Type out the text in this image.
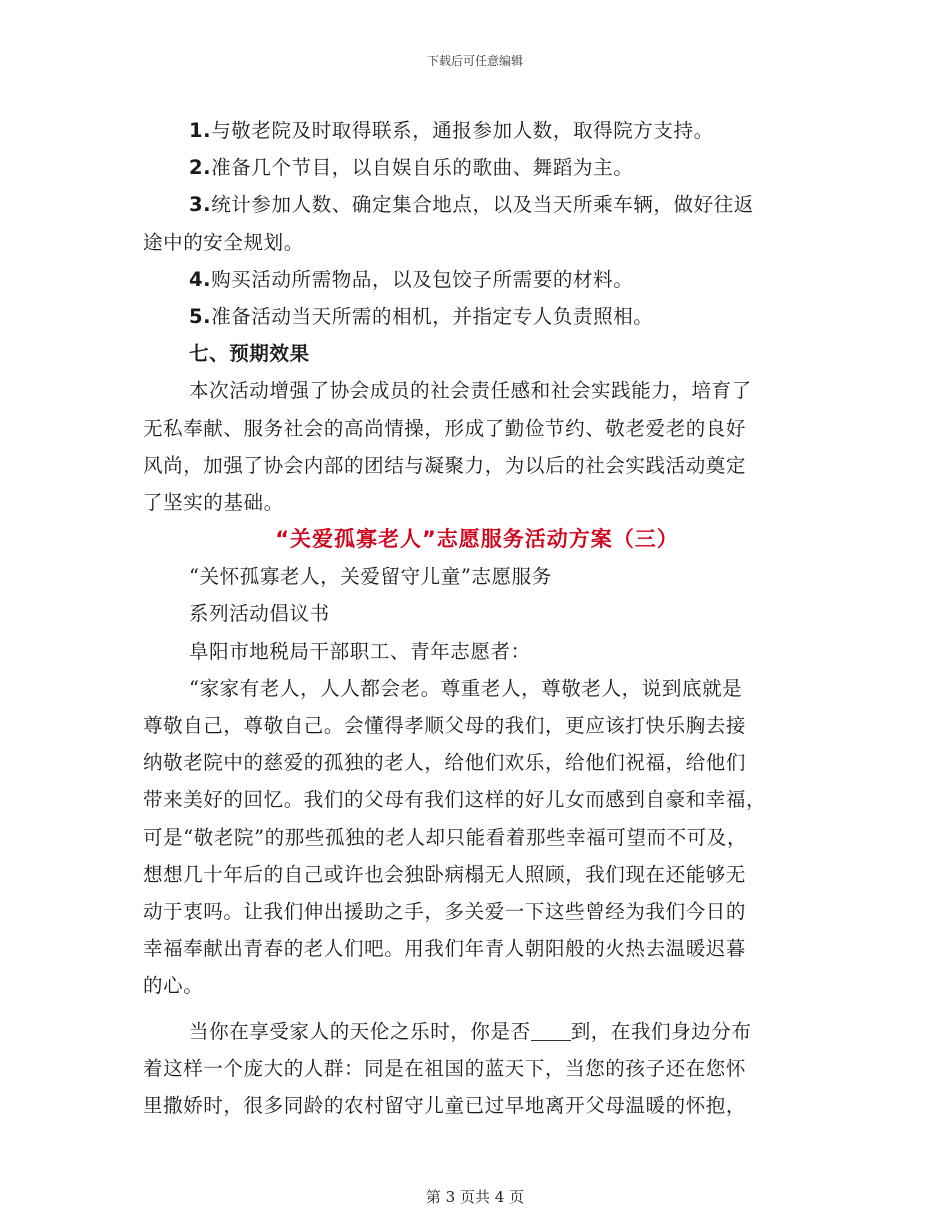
下载后可任意编辑
1.与敬老院及时取得联系，通报参加人数，取得院方支持。
2.准备几个节目，以自娱自乐的歌曲、舞蹈为主。
3.统计参加人数、确定集合地点，以及当天所乘车辆，做好往返
途中的安全规划。
4.购买活动所需物品，以及包饺子所需要的材料。
5.准备活动当天所需的相机，并指定专人负责照相。
七、预期效果
本次活动增强了协会成员的社会责任感和社会实践能力，培育了
无私奉献、服务社会的高尚情操，形成了勤俭节约、敬老爱老的良好
风尚，加强了协会内部的团结与凝聚力，为以后的社会实践活动奠定
了坚实的基础。
“关爱孤寡老人”志愿服务活动方案（三）
“关怀孤寡老人，关爱留守儿童”志愿服务
系列活动倡议书
阜阳市地税局干部职工、青年志愿者：
“家家有老人，人人都会老。尊重老人，尊敬老人，说到底就是
尊敬自己，尊敬自己。会懂得孝顺父母的我们，更应该打快乐胸去接
纳敬老院中的慈爱的孤独的老人，给他们欢乐，给他们祝福，给他们
带来美好的回忆。我们的父母有我们这样的好儿女而感到自豪和幸福，
可是“敬老院”的那些孤独的老人却只能看着那些幸福可望而不可及，
想想几十年后的自己或许也会独卧病榻无人照顾，我们现在还能够无
动于衷吗。让我们伸出援助之手，多关爱一下这些曾经为我们今日的
幸福奉献出青春的老人们吧。用我们年青人朝阳般的火热去温暖迟暮
的心。
当你在享受家人的天伦之乐时，你是否 到，在我们身边分布
着这样一个庞大的人群：同是在祖国的蓝天下，当您的孩子还在您怀
里撒娇时，很多同龄的农村留守儿童已过早地离开父母温暖的怀抱，
第 3 页共 4 页
